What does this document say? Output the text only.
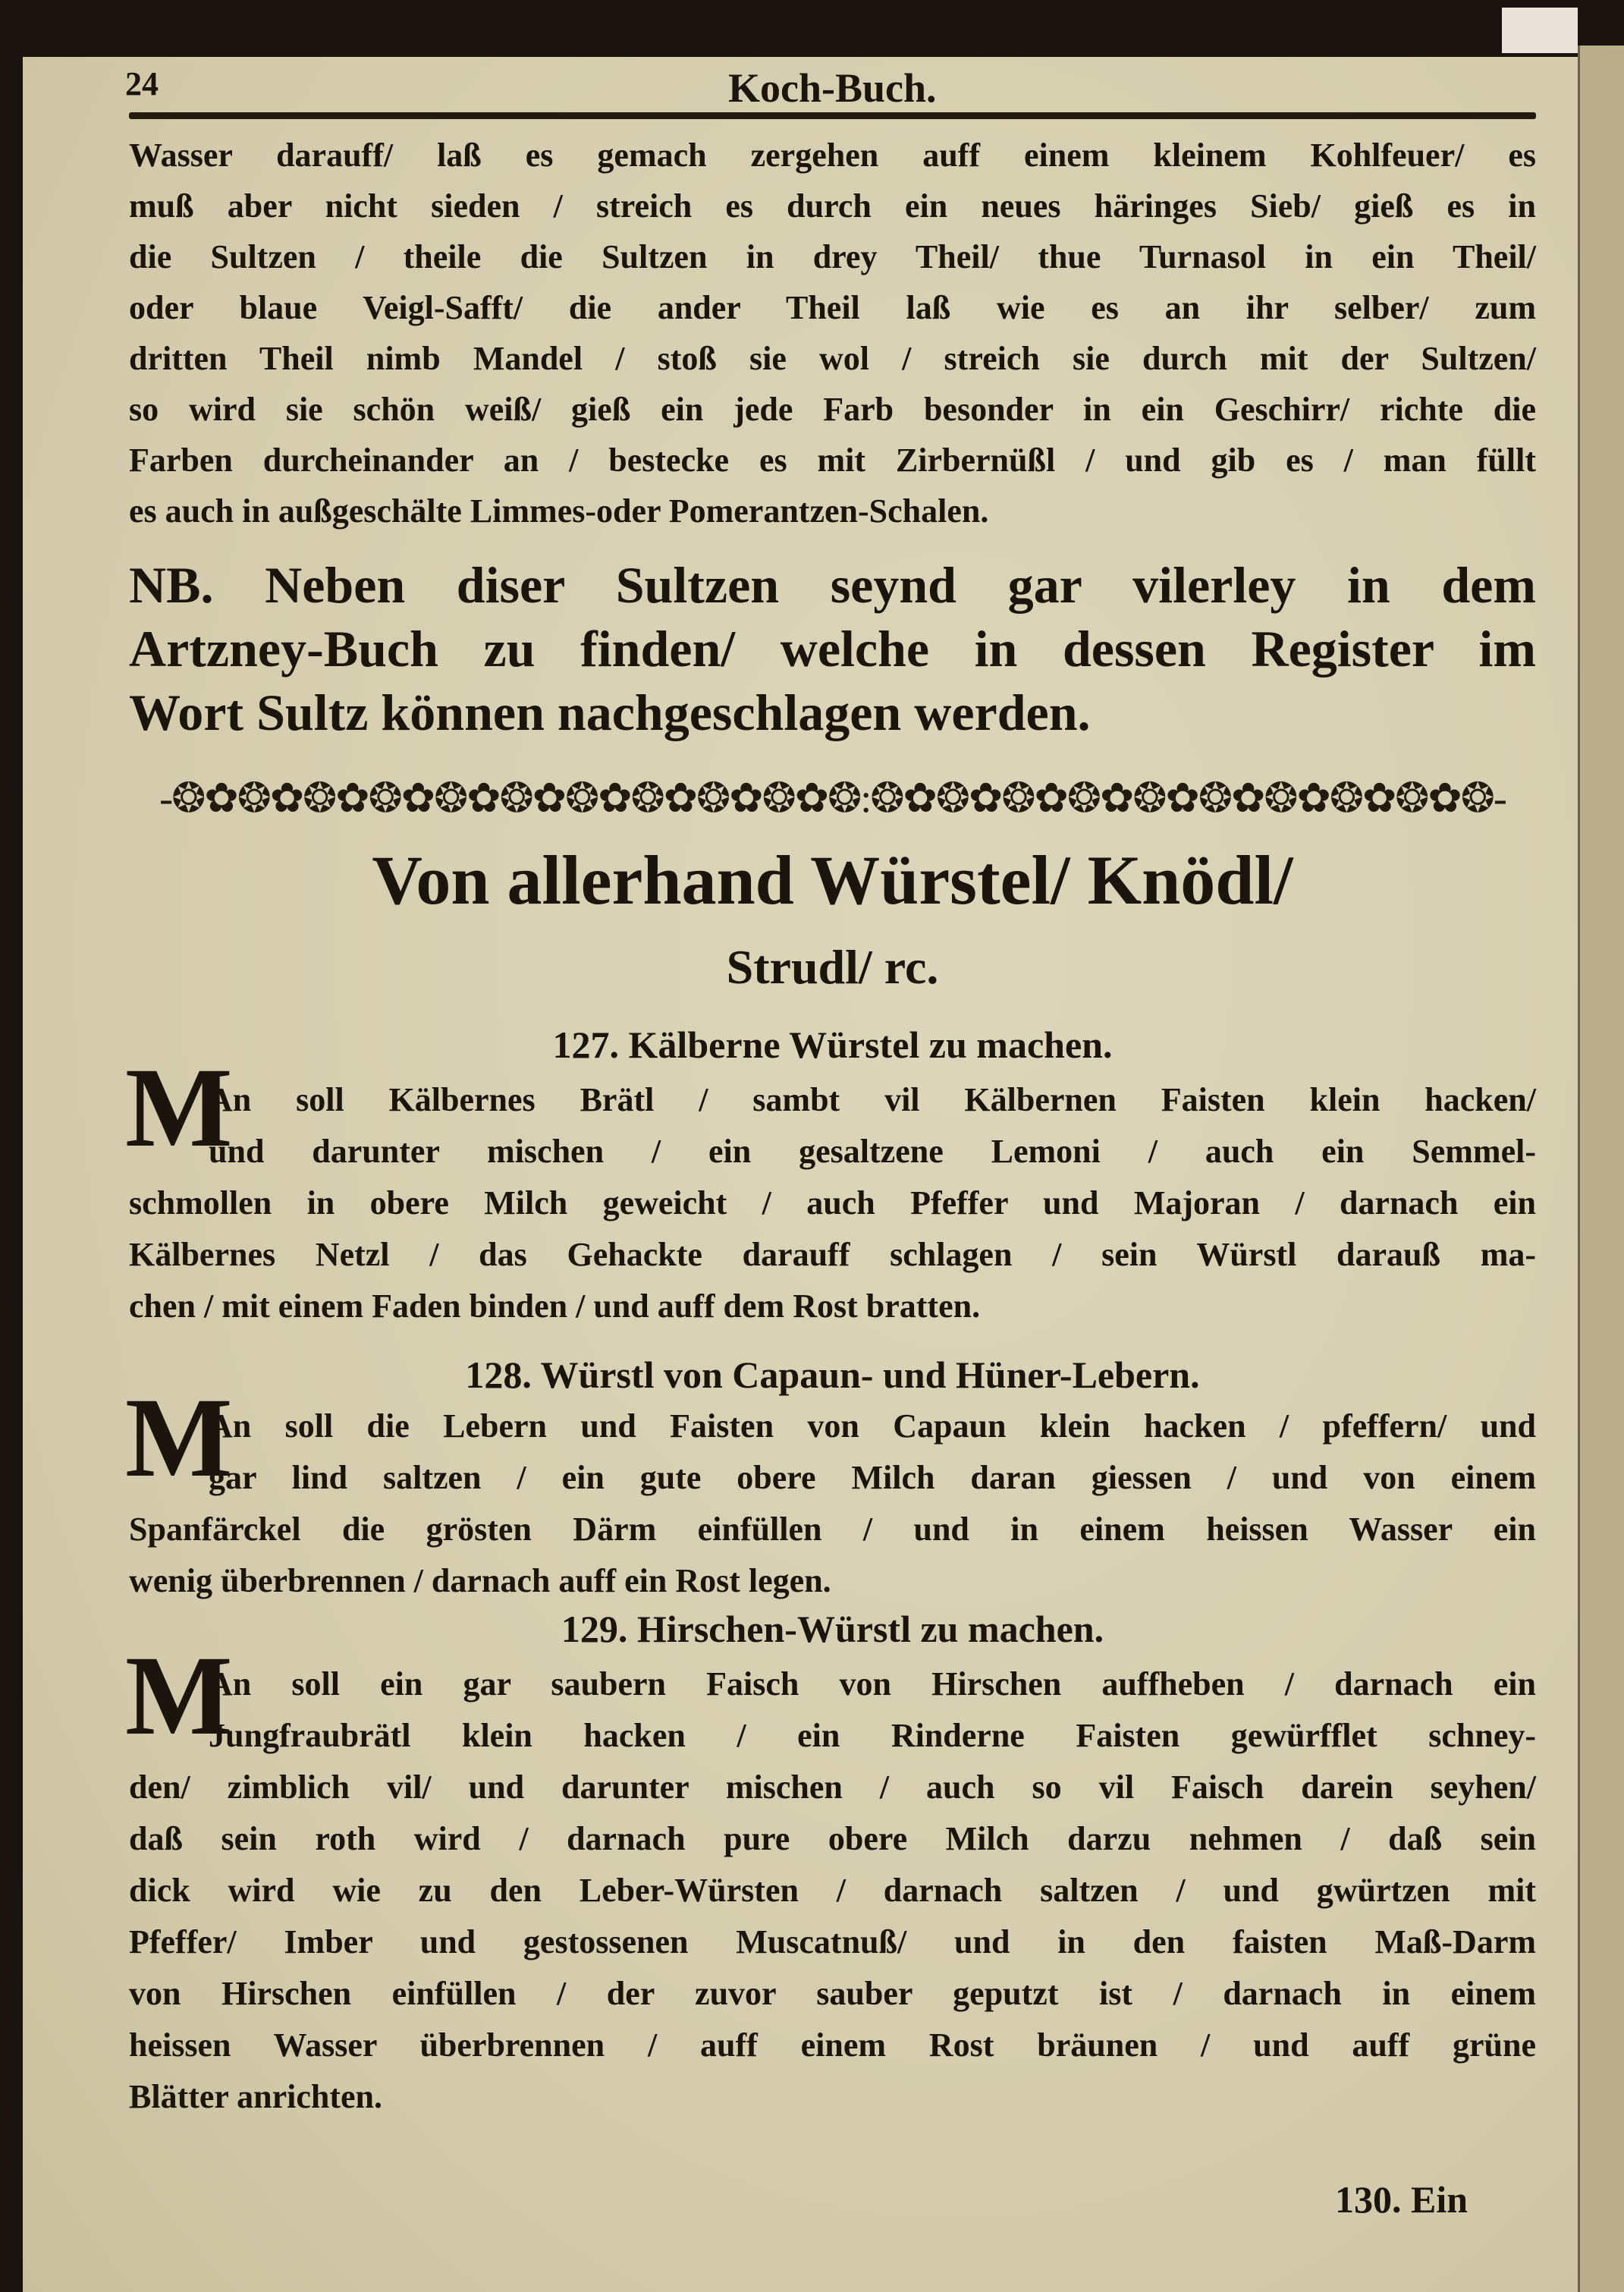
24	Koch-Buch.
Wasser darauff/ laß es gemach zergehen auff einem kleinem Kohlfeuer/ es
muß aber nicht sieden / streich es durch ein neues häringes Sieb/ gieß es in
die Sultzen / theile die Sultzen in drey Theil/ thue Turnasol in ein Theil/
oder blaue Veigl-Safft/ die ander Theil laß wie es an ihr selber/ zum
dritten Theil nimb Mandel / stoß sie wol / streich sie durch mit der Sultzen/
so wird sie schön weiß/ gieß ein jede Farb besonder in ein Geschirr/ richte die
Farben durcheinander an / bestecke es mit Zirbernüßl / und gib es / man füllt
es auch in außgeschälte Limmes-oder Pomerantzen-Schalen.
NB. Neben diser Sultzen seynd gar vilerley in dem
Artzney-Buch zu finden/ welche in dessen Register im
Wort Sultz können nachgeschlagen werden.
-❂✿❂✿❂✿❂✿❂✿❂✿❂✿❂✿❂✿❂✿❂:❂✿❂✿❂✿❂✿❂✿❂✿❂✿❂✿❂✿❂-
Von allerhand Würstel/ Knödl/
Strudl/ rc.
127. Kälberne Würstel zu machen.
M
An soll Kälbernes Brätl / sambt vil Kälbernen Faisten klein hacken/
und darunter mischen / ein gesaltzene Lemoni / auch ein Semmel-
schmollen in obere Milch geweicht / auch Pfeffer und Majoran / darnach ein
Kälbernes Netzl / das Gehackte darauff schlagen / sein Würstl darauß ma-
chen / mit einem Faden binden / und auff dem Rost bratten.
128. Würstl von Capaun- und Hüner-Lebern.
M
An soll die Lebern und Faisten von Capaun klein hacken / pfeffern/ und
gar lind saltzen / ein gute obere Milch daran giessen / und von einem
Spanfärckel die grösten Därm einfüllen / und in einem heissen Wasser ein
wenig überbrennen / darnach auff ein Rost legen.
129. Hirschen-Würstl zu machen.
M
An soll ein gar saubern Faisch von Hirschen auffheben / darnach ein
Jungfraubrätl klein hacken / ein Rinderne Faisten gewürfflet schney-
den/ zimblich vil/ und darunter mischen / auch so vil Faisch darein seyhen/
daß sein roth wird / darnach pure obere Milch darzu nehmen / daß sein
dick wird wie zu den Leber-Würsten / darnach saltzen / und gwürtzen mit
Pfeffer/ Imber und gestossenen Muscatnuß/ und in den faisten Maß-Darm
von Hirschen einfüllen / der zuvor sauber geputzt ist / darnach in einem
heissen Wasser überbrennen / auff einem Rost bräunen / und auff grüne
Blätter anrichten.
130. Ein
